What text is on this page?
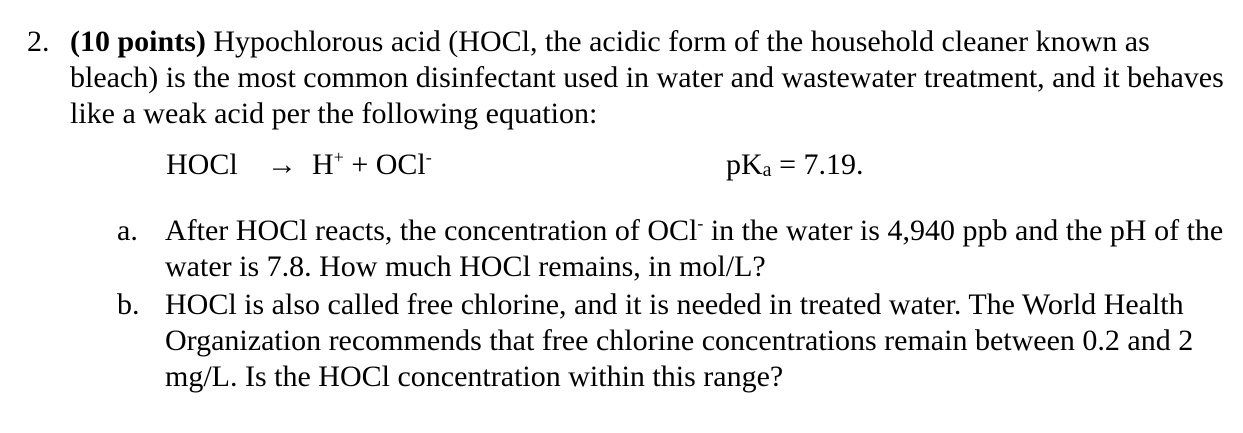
2. (10 points) Hypochlorous acid (HOCl, the acidic form of the household cleaner known as bleach) is the most common disinfectant used in water and wastewater treatment, and it behaves like a weak acid per the following equation:
HOCl → H+ + OCl-	pKa = 7.19.
a. After HOCl reacts, the concentration of OCl- in the water is 4,940 ppb and the pH of the water is 7.8. How much HOCl remains, in mol/L?
b. HOCl is also called free chlorine, and it is needed in treated water. The World Health Organization recommends that free chlorine concentrations remain between 0.2 and 2 mg/L. Is the HOCl concentration within this range?
